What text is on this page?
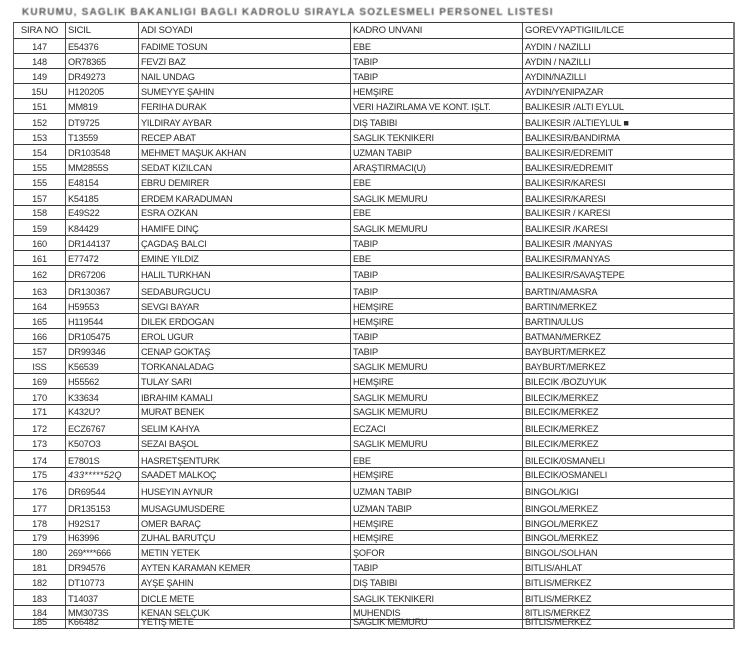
KURUMU, SAGLIK BAKANLIGI BAGLI KADROLU SIRAYLA SOZLESMELI PERSONEL LISTESI
SIRA NO	SICIL	ADI SOYADI	KADRO UNVANI	GOREVYAPTIGIIL/ILCE
147	E54376	FADIME TOSUN	EBE	AYDIN / NAZILLI
148	OR78365	FEVZI BAZ	TABIP	AYDIN / NAZILLI
149	DR49273	NAIL UNDAG	TABIP	AYDIN/NAZILLI
15U	H120205	SUMEYYE ŞAHIN	HEMŞIRE	AYDIN/YENIPAZAR
151	MM819	FERIHA DURAK	VERI HAZIRLAMA VE KONT. IŞLT.	BALIKESIR /ALTI EYLUL
152	DT9725	YILDIRAY AYBAR	DIŞ TABIBI	BALIKESIR /ALTIEYLUL ■
153	T13559	RECEP ABAT	SAGLIK TEKNIKERI	BALIKESIR/BANDIRMA
154	DR103548	MEHMET MAŞUK AKHAN	UZMAN TABIP	BALIKESIR/EDREMIT
155	MM2855S	SEDAT KIZILCAN	ARAŞTIRMACI(U)	BALIKESIR/EDREMIT
155	E48154	EBRU DEMIRER	EBE	BALIKESIR/KARESI
157	K54185	ERDEM KARADUMAN	SAGLIK MEMURU	BALIKESIR/KARESI
158	E49S22	ESRA OZKAN	EBE	BALIKESIR / KARESI
159	K84429	HAMIFE DINÇ	SAGLIK MEMURU	BALIKESIR /KARESI
160	DR144137	ÇAGDAŞ BALCI	TABIP	BALIKESIR /MANYAS
161	E77472	EMINE YILDIZ	EBE	BALIKESIR/MANYAS
162	DR67206	HALIL TURKHAN	TABIP	BALIKESIR/SAVAŞTEPE
163	DR130367	SEDABURGUCU	TABIP	BARTIN/AMASRA
164	H59553	SEVGI BAYAR	HEMŞIRE	BARTIN/MERKEZ
165	H119544	DILEK ERDOGAN	HEMŞIRE	BARTIN/ULUS
166	DR105475	EROL UGUR	TABIP	BATMAN/MERKEZ
157	DR99346	CENAP GOKTAŞ	TABIP	BAYBURT/MERKEZ
ISS	K56539	TORKANALADAG	SAGLIK MEMURU	BAYBURT/MERKEZ
169	H55562	TULAY SARI	HEMŞIRE	BILECIK /BOZUYUK
170	K33634	IBRAHIM KAMALI	SAGLIK MEMURU	BILECIK/MERKEZ
171	K432U?	MURAT BENEK	SAGLIK MEMURU	BILECIK/MERKEZ
172	ECZ6767	SELIM KAHYA	ECZACI	BILECIK/MERKEZ
173	K507O3	SEZAI BAŞOL	SAGLIK MEMURU	BILECIK/MERKEZ
174	E7801S	HASRETŞENTURK	EBE	BILECIK/0SMANELI
175	433*****52Q	SAADET MALKOÇ	HEMŞIRE	BILECIK/OSMANELI
176	DR69544	HUSEYIN AYNUR	UZMAN TABIP	BINGOL/KIGI
177	DR135153	MUSAGUMUSDERE	UZMAN TABIP	BINGOL/MERKEZ
178	H92S17	OMER BARAÇ	HEMŞIRE	BINGOL/MERKEZ
179	H63996	ZUHAL BARUTÇU	HEMŞIRE	BINGOL/MERKEZ
180	269****666	METIN YETEK	ŞOFOR	BINGOL/SOLHAN
181	DR94576	AYTEN KARAMAN KEMER	TABIP	BITLIS/AHLAT
182	DT10773	AYŞE ŞAHIN	DIŞ TABIBI	BITLIS/MERKEZ
183	T14037	DICLE METE	SAGLIK TEKNIKERI	BITLIS/MERKEZ
184	MM3073S	KENAN SELÇUK	MUHENDIS	8ITLIS/MERKEZ
185	K66482	YETIŞ METE	SAGLIK MEMURU	BITLIS/MERKEZ
